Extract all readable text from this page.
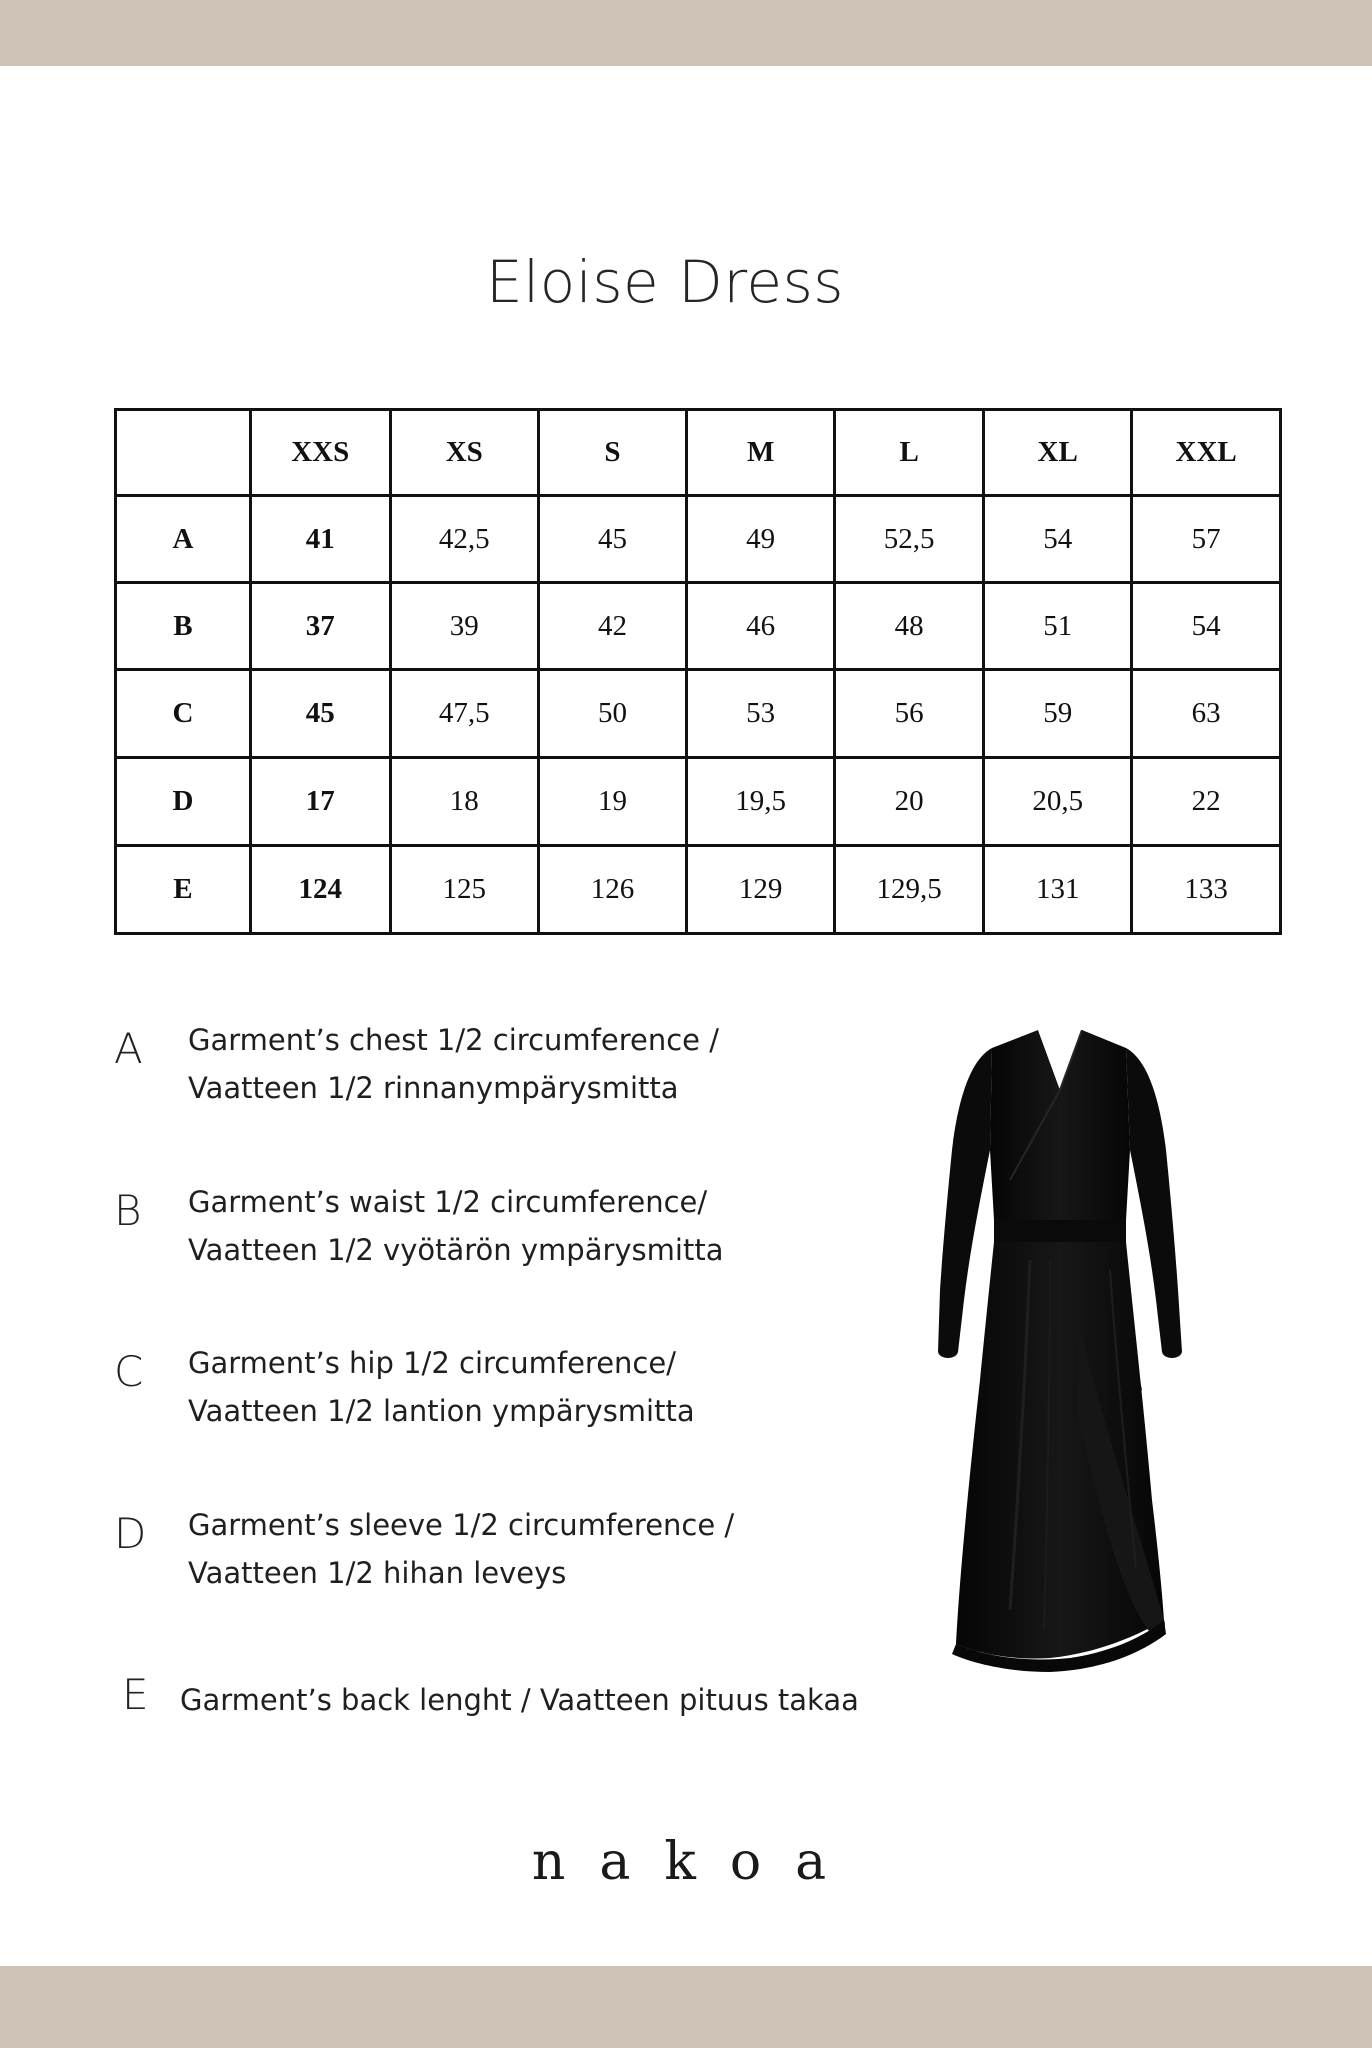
Eloise Dress
	XXS	XS	S	M	L	XL	XXL
A	41	42,5	45	49	52,5	54	57
B	37	39	42	46	48	51	54
C	45	47,5	50	53	56	59	63
D	17	18	19	19,5	20	20,5	22
E	124	125	126	129	129,5	131	133
A Garment’s chest 1/2 circumference /
Vaatteen 1/2 rinnanympärysmitta
B Garment’s waist 1/2 circumference/
Vaatteen 1/2 vyötärön ympärysmitta
C Garment’s hip 1/2 circumference/
Vaatteen 1/2 lantion ympärysmitta
D Garment’s sleeve 1/2 circumference /
Vaatteen 1/2 hihan leveys
E Garment’s back lenght / Vaatteen pituus takaa
nakoa
